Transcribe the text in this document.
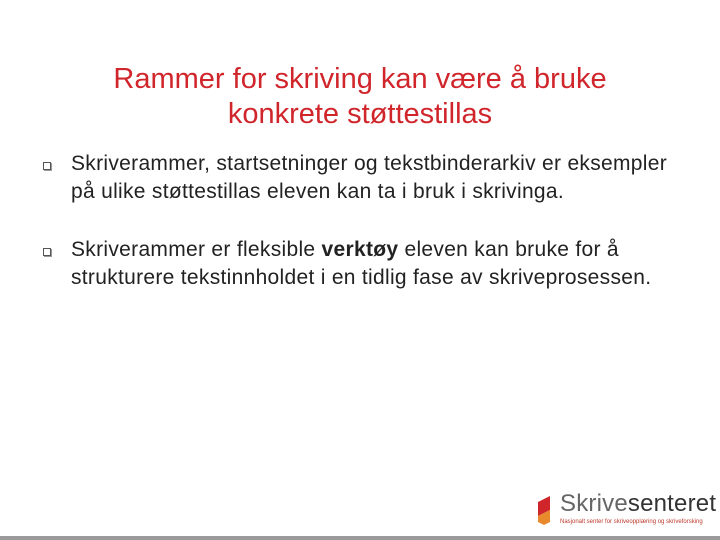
Rammer for skriving kan være å bruke
konkrete støttestillas
Skriverammer, startsetninger og tekstbinderarkiv er eksempler på ulike støttestillas eleven kan ta i bruk i skrivinga.
Skriverammer er fleksible verktøy eleven kan bruke for å strukturere tekstinnholdet i en tidlig fase av skriveprosessen.
Skrivesenteret
Nasjonalt senter for skriveopplæring og skriveforsking
